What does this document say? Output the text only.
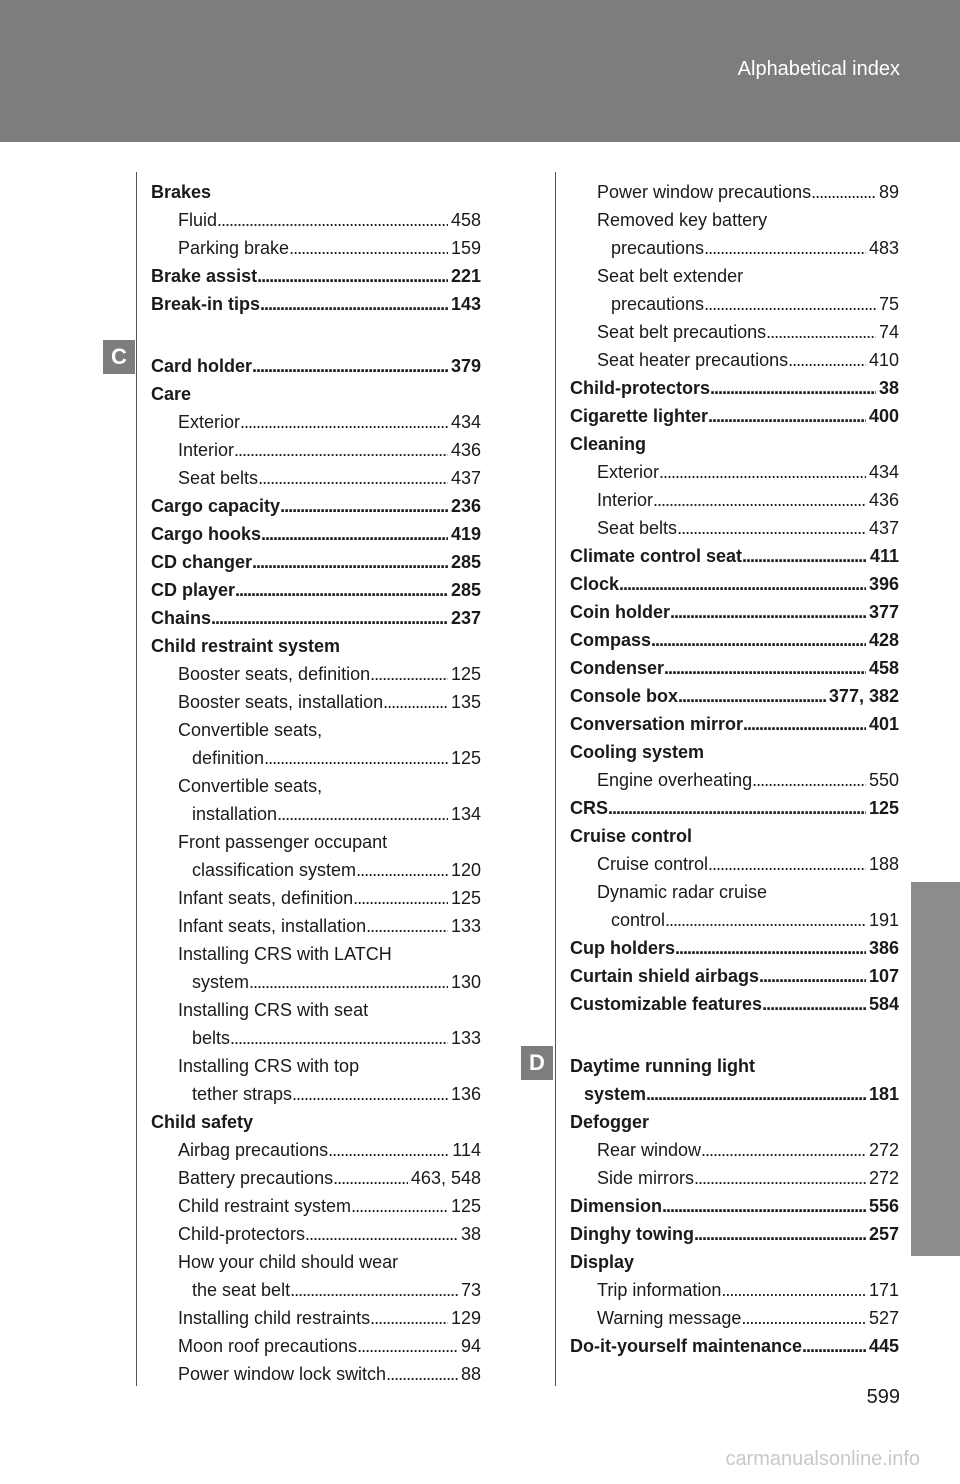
Alphabetical index
C
D
Brakes
Fluid . . .	458
Parking brake . . .	159
Brake assist . . .	221
Break-in tips . . .	143
Card holder . . .	379
Care
Exterior . . .	434
Interior . . .	436
Seat belts . . .	437
Cargo capacity . . .	236
Cargo hooks . . .	419
CD changer . . .	285
CD player . . .	285
Chains . . .	237
Child restraint system
Booster seats, definition . . .	125
Booster seats, installation . . .	135
Convertible seats,
definition . . .	125
Convertible seats,
installation . . .	134
Front passenger occupant
classification system . . .	120
Infant seats, definition . . .	125
Infant seats, installation . . .	133
Installing CRS with LATCH
system . . .	130
Installing CRS with seat
belts . . .	133
Installing CRS with top
tether straps . . .	136
Child safety
Airbag precautions . . .	114
Battery precautions . . .	463, 548
Child restraint system . . .	125
Child-protectors . . .	38
How your child should wear
the seat belt . . .	73
Installing child restraints . . .	129
Moon roof precautions . . .	94
Power window lock switch . . .	88
Power window precautions . . .	89
Removed key battery
precautions . . .	483
Seat belt extender
precautions . . .	75
Seat belt precautions . . .	74
Seat heater precautions . . .	410
Child-protectors . . .	38
Cigarette lighter . . .	400
Cleaning
Exterior . . .	434
Interior . . .	436
Seat belts . . .	437
Climate control seat . . .	411
Clock . . .	396
Coin holder . . .	377
Compass . . .	428
Condenser . . .	458
Console box . . .	377, 382
Conversation mirror . . .	401
Cooling system
Engine overheating . . .	550
CRS . . .	125
Cruise control
Cruise control . . .	188
Dynamic radar cruise
control . . .	191
Cup holders . . .	386
Curtain shield airbags . . .	107
Customizable features . . .	584
Daytime running light
system . . .	181
Defogger
Rear window . . .	272
Side mirrors . . .	272
Dimension . . .	556
Dinghy towing . . .	257
Display
Trip information . . .	171
Warning message . . .	527
Do-it-yourself maintenance . . .	445
599
carmanualsonline.info
